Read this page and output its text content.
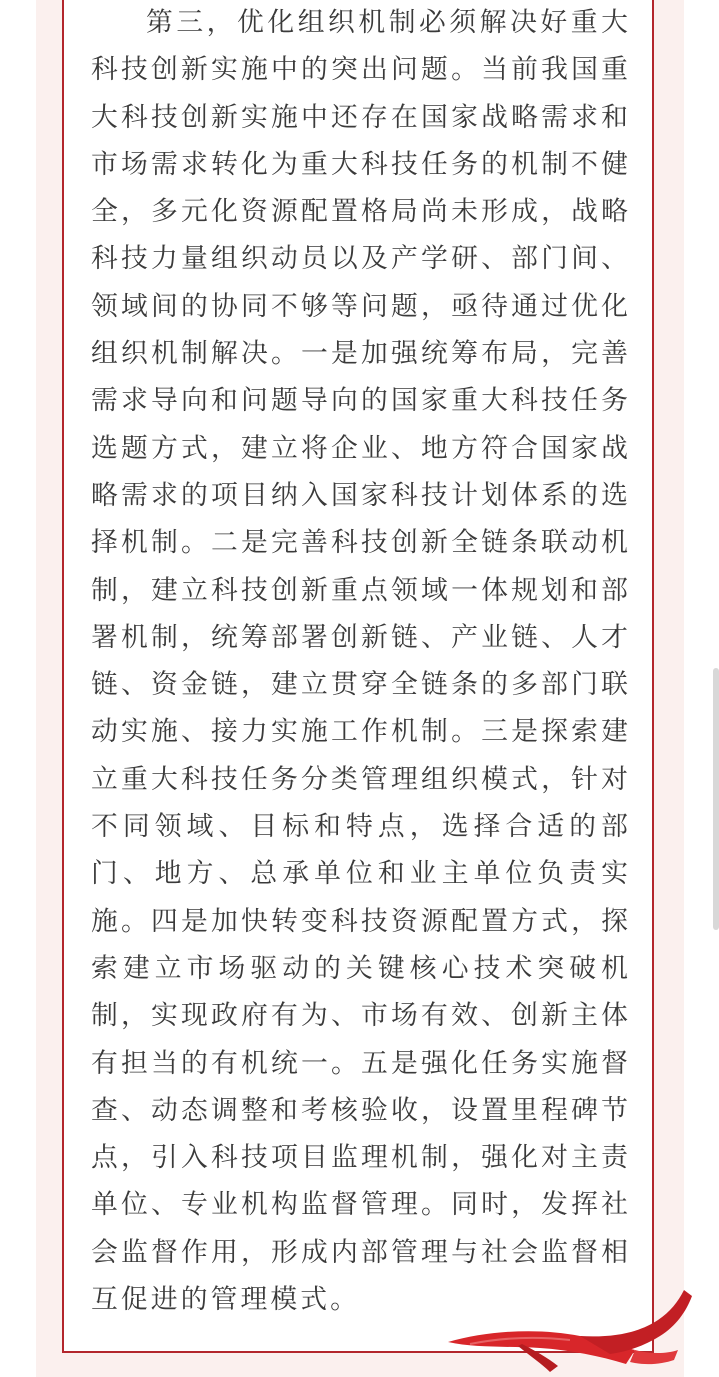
第三，优化组织机制必须解决好重大科技创新实施中的突出问题。当前我国重大科技创新实施中还存在国家战略需求和市场需求转化为重大科技任务的机制不健全，多元化资源配置格局尚未形成，战略科技力量组织动员以及产学研、部门间、领域间的协同不够等问题，亟待通过优化组织机制解决。一是加强统筹布局，完善需求导向和问题导向的国家重大科技任务选题方式，建立将企业、地方符合国家战略需求的项目纳入国家科技计划体系的选择机制。二是完善科技创新全链条联动机制，建立科技创新重点领域一体规划和部署机制，统筹部署创新链、产业链、人才链、资金链，建立贯穿全链条的多部门联动实施、接力实施工作机制。三是探索建立重大科技任务分类管理组织模式，针对不同领域、目标和特点，选择合适的部门、地方、总承单位和业主单位负责实施。四是加快转变科技资源配置方式，探索建立市场驱动的关键核心技术突破机制，实现政府有为、市场有效、创新主体有担当的有机统一。五是强化任务实施督查、动态调整和考核验收，设置里程碑节点，引入科技项目监理机制，强化对主责单位、专业机构监督管理。同时，发挥社会监督作用，形成内部管理与社会监督相互促进的管理模式。
